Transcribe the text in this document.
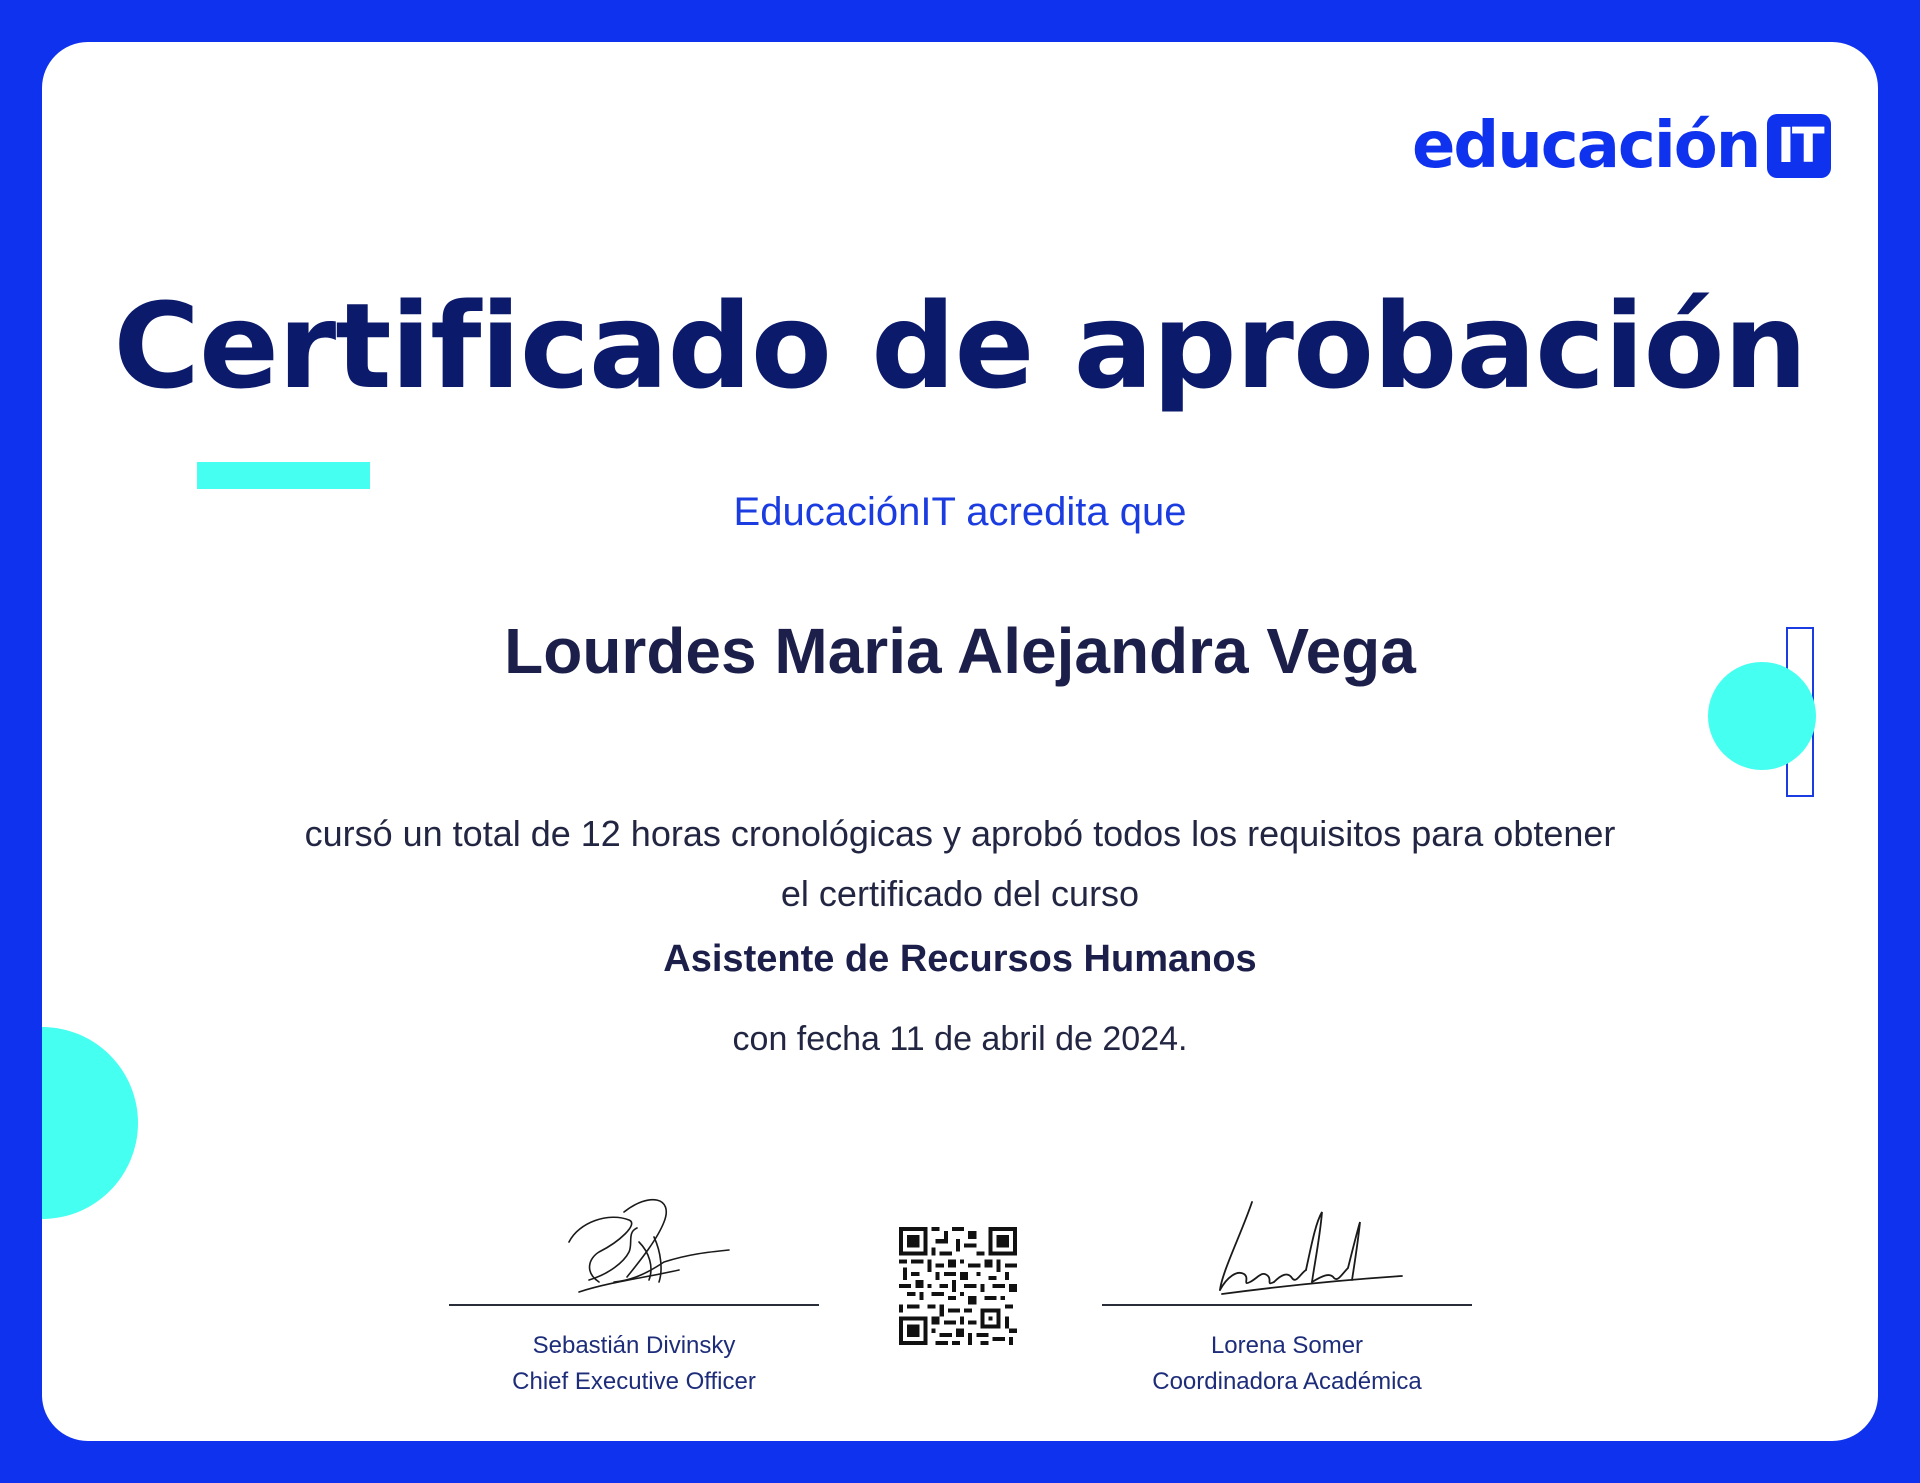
educación IT
Certificado de aprobación
EducaciónIT acredita que
Lourdes Maria Alejandra Vega
cursó un total de 12 horas cronológicas y aprobó todos los requisitos para obtener
el certificado del curso
Asistente de Recursos Humanos
con fecha 11 de abril de 2024.
Sebastián Divinsky
Chief Executive Officer
Lorena Somer
Coordinadora Académica
